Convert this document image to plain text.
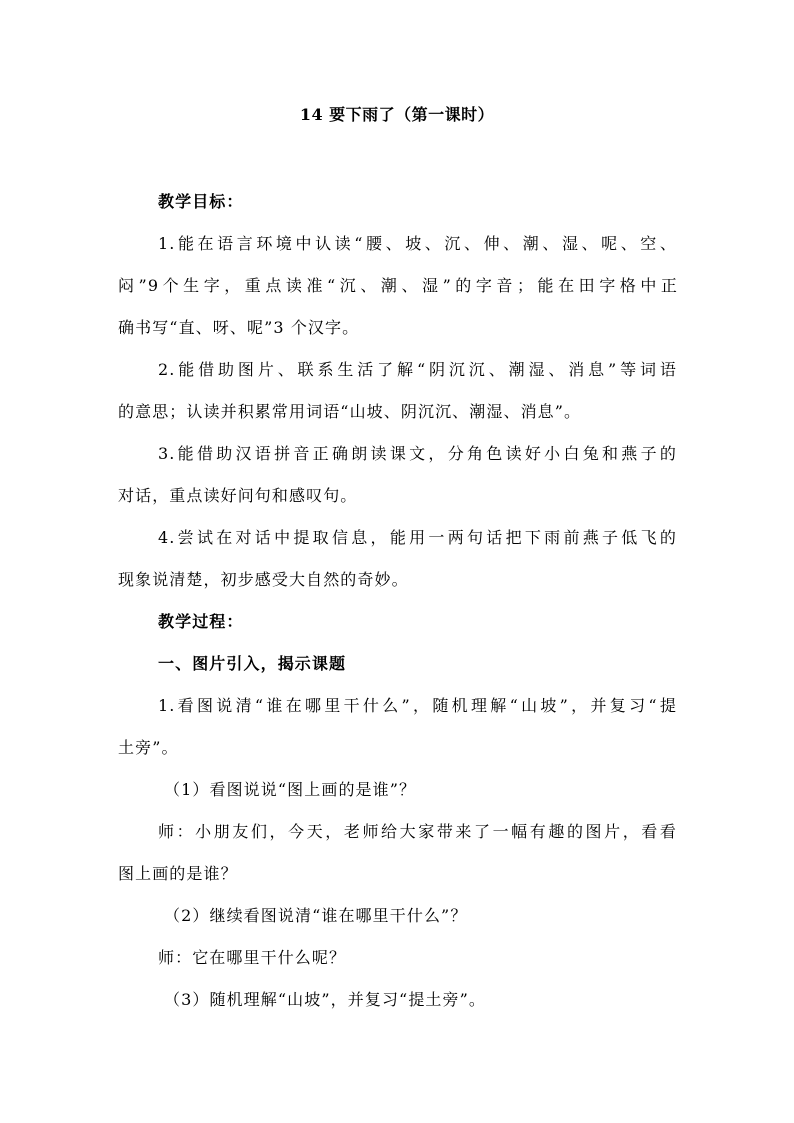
14 要下雨了（第一课时）
教学目标：
1.能在语言环境中认读“腰、坡、沉、伸、潮、湿、呢、空、
闷”9个生字，重点读准“沉、潮、湿”的字音；能在田字格中正
确书写“直、呀、呢”3 个汉字。
2.能借助图片、联系生活了解“阴沉沉、潮湿、消息”等词语
的意思；认读并积累常用词语“山坡、阴沉沉、潮湿、消息”。
3.能借助汉语拼音正确朗读课文，分角色读好小白兔和燕子的
对话，重点读好问句和感叹句。
4.尝试在对话中提取信息，能用一两句话把下雨前燕子低飞的
现象说清楚，初步感受大自然的奇妙。
教学过程：
一、图片引入，揭示课题
1.看图说清“谁在哪里干什么”，随机理解“山坡”，并复习“提
土旁”。
（1）看图说说“图上画的是谁”？
师：小朋友们，今天，老师给大家带来了一幅有趣的图片，看看
图上画的是谁？
（2）继续看图说清“谁在哪里干什么”？
师：它在哪里干什么呢？
（3）随机理解“山坡”，并复习“提土旁”。
